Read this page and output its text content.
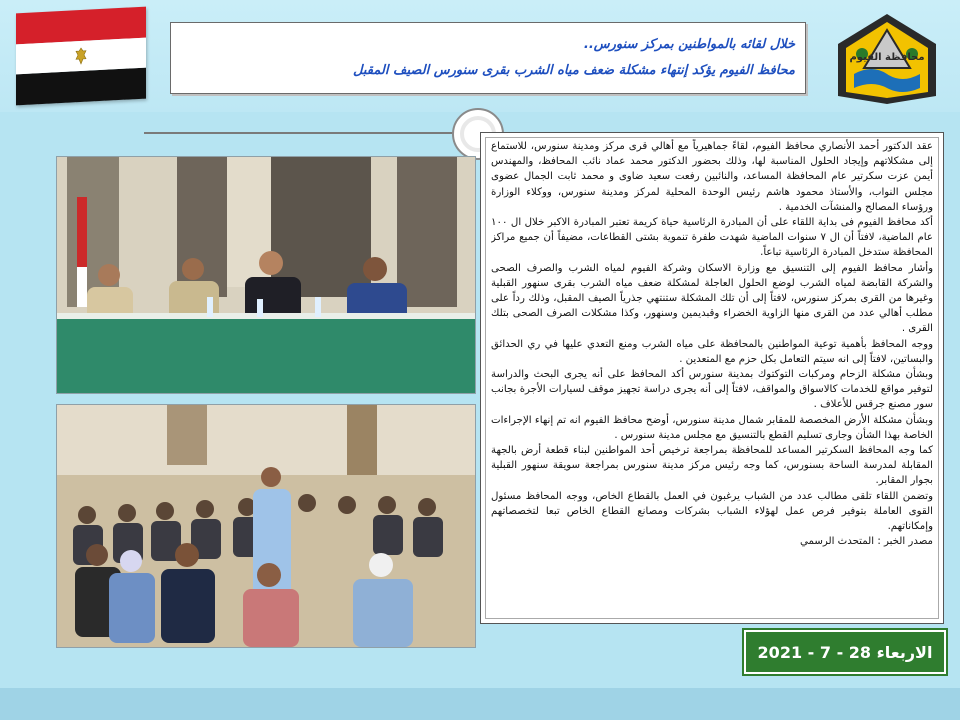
خلال لقائه بالمواطنين بمركز سنورس..
محافظ الفيوم يؤكد إنتهاء مشكلة ضعف مياه الشرب بقرى سنورس الصيف المقبل
محافظة الفيوم

عقد الدكتور أحمد الأنصاري محافظ الفيوم، لقاءً جماهيرياً مع أهالي قرى مركز ومدينة سنورس، للاستماع إلى مشكلاتهم وإيجاد الحلول المناسبة لها، وذلك بحضور الدكتور محمد عماد نائب المحافظ، والمهندس أيمن عزت سكرتير عام المحافظة المساعد، والنائبين رفعت سعيد ضاوى و محمد ثابت الجمال عضوى مجلس النواب، والأستاذ محمود هاشم رئيس الوحدة المحلية لمركز ومدينة سنورس، ووكلاء الوزارة ورؤساء المصالح والمنشآت الخدمية .

أكد محافظ الفيوم فى بداية اللقاء على أن المبادرة الرئاسية حياة كريمة تعتبر المبادرة الاكبر خلال ال ١٠٠ عام الماضية، لافتاً أن ال ٧ سنوات الماضية شهدت طفرة تنموية بشتى القطاعات، مضيفاً أن جميع مراكز المحافظة ستدخل المبادرة الرئاسية تباعاً.

وأشار محافظ الفيوم إلى التنسيق مع وزارة الاسكان وشركة الفيوم لمياه الشرب والصرف الصحى والشركة القابضة لمياه الشرب لوضع الحلول العاجلة لمشكلة ضعف مياه الشرب بقرى سنهور القبلية وغيرها من القرى بمركز سنورس، لافتاً إلى أن تلك المشكلة ستنتهي جذرياً الصيف المقبل، وذلك رداً على مطلب أهالي عدد من القرى منها الزاوية الخضراء وقبديمين وسنهور، وكذا مشكلات الصرف الصحى بتلك القرى .

ووجه المحافظ بأهمية توعية المواطنين بالمحافظة على مياه الشرب ومنع التعدي عليها في ري الحدائق والبساتين، لافتاً إلى انه سيتم التعامل بكل حزم مع المتعدين .

وبشأن مشكلة الزحام ومركبات التوكتوك بمدينة سنورس أكد المحافظ على أنه يجرى البحث والدراسة لتوفير مواقع للخدمات كالاسواق والمواقف، لافتاً إلى أنه يجرى دراسة تجهيز موقف لسيارات الأجرة بجانب سور مصنع جرقس للأعلاف .

وبشأن مشكلة الأرض المخصصة للمقابر شمال مدينة سنورس، أوضح محافظ الفيوم انه تم إنهاء الإجراءات الخاصة بهذا الشأن وجارى تسليم القطع بالتنسيق مع مجلس مدينة سنورس .

كما وجه المحافظ السكرتير المساعد للمحافظة بمراجعة ترخيص أحد المواطنين لبناء قطعة أرض بالجهة المقابلة لمدرسة الساحة بسنورس، كما وجه رئيس مركز مدينة سنورس بمراجعة سويقة سنهور القبلية بجوار المقابر.

وتضمن اللقاء تلقى مطالب عدد من الشباب يرغبون في العمل بالقطاع الخاص، ووجه المحافظ مسئول القوى العاملة بتوفير فرص عمل لهؤلاء الشباب بشركات ومصانع القطاع الخاص تبعا لتخصصاتهم وإمكاناتهم.

مصدر الخبر : المتحدث الرسمي

الاربعاء 28 - 7 - 2021
